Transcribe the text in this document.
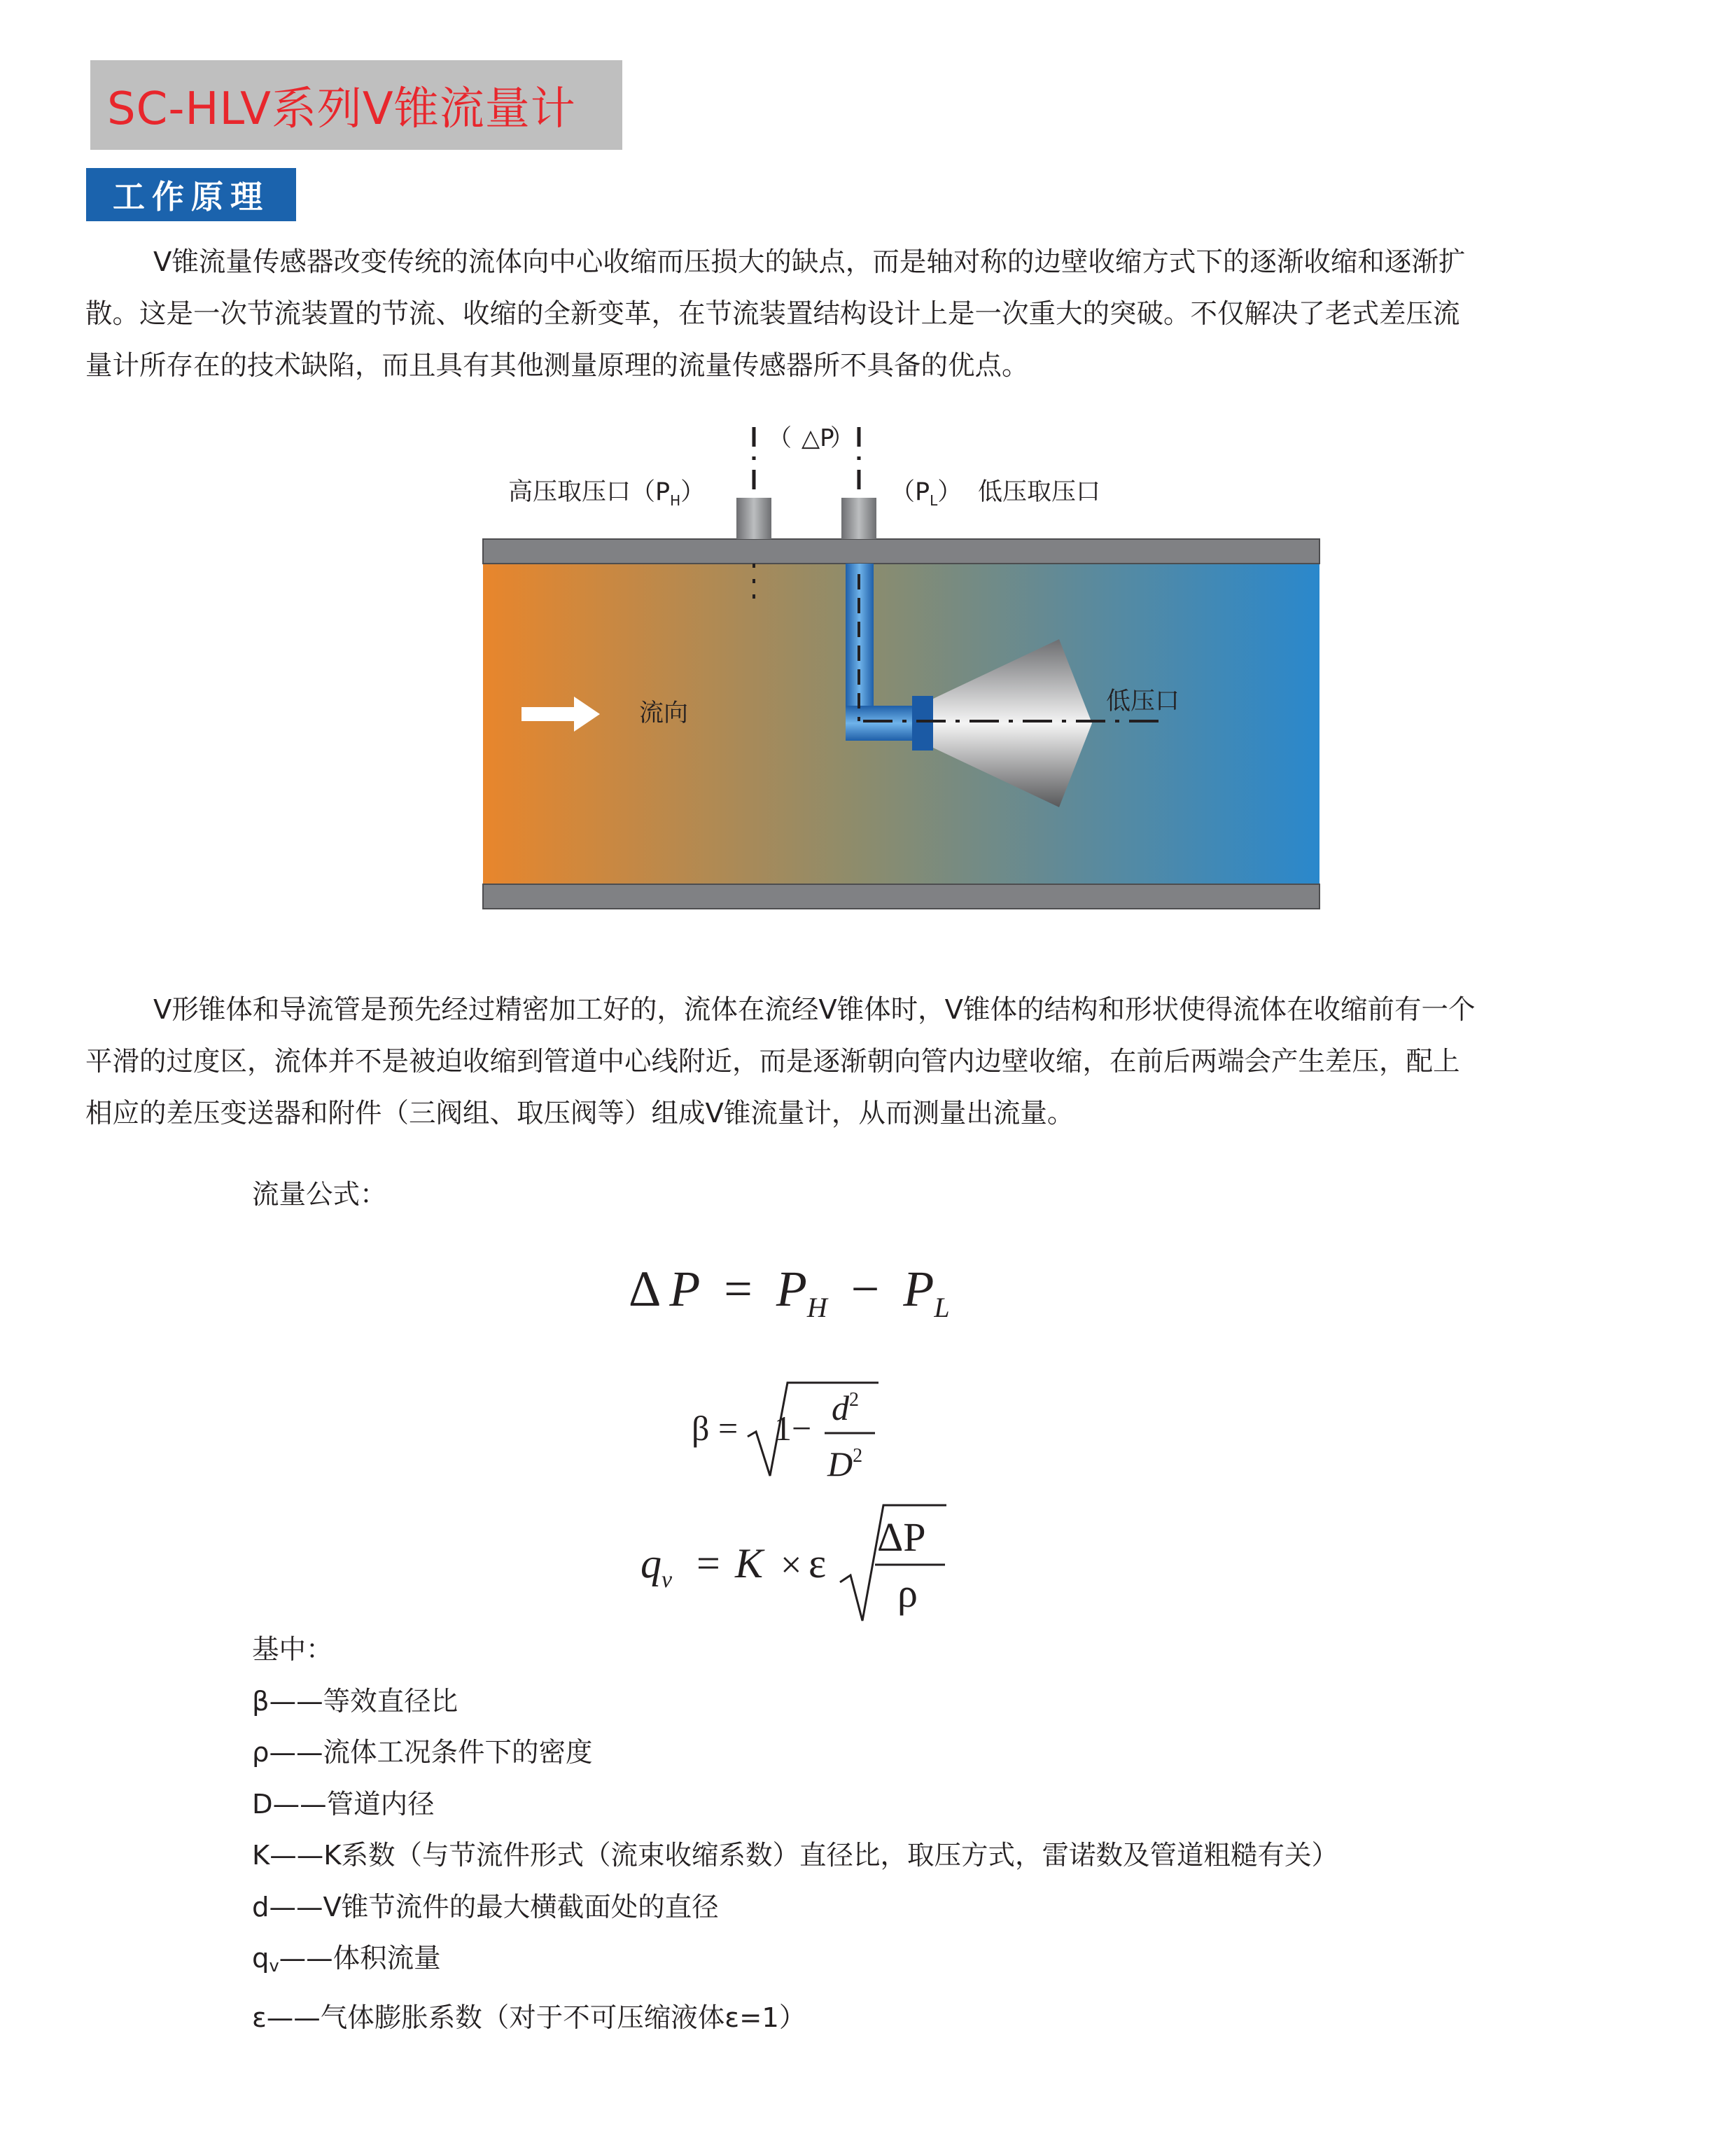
SC-HLV系列V锥流量计
工作原理

V锥流量传感器改变传统的流体向中心收缩而压损大的缺点，而是轴对称的边壁收缩方式下的逐渐收缩和逐渐扩
散。这是一次节流装置的节流、收缩的全新变革，在节流装置结构设计上是一次重大的突破。不仅解决了老式差压流
量计所存在的技术缺陷，而且具有其他测量原理的流量传感器所不具备的优点。

（ △P
）
高压取压口$(P_H)$	$(P_L)$ 低压取压口
流向	低压口
Δ $P = P_H - P_L$
β = 1−
$d^2$
$D^2$
$q_v = K \times \varepsilon$
ΔP
ρ

V形锥体和导流管是预先经过精密加工好的，流体在流经V锥体时，V锥体的结构和形状使得流体在收缩前有一个
平滑的过度区，流体并不是被迫收缩到管道中心线附近，而是逐渐朝向管内边壁收缩，在前后两端会产生差压，配上
相应的差压变送器和附件（三阀组、取压阀等）组成V锥流量计，从而测量出流量。

流量公式：
基中：
β——等效直径比
ρ——流体工况条件下的密度
D——管道内径
K——K系数（与节流件形式（流束收缩系数）直径比，取压方式，雷诺数及管道粗糙有关）
d——V锥节流件的最大横截面处的直径
qv——体积流量
ε——气体膨胀系数（对于不可压缩液体ε=1）
